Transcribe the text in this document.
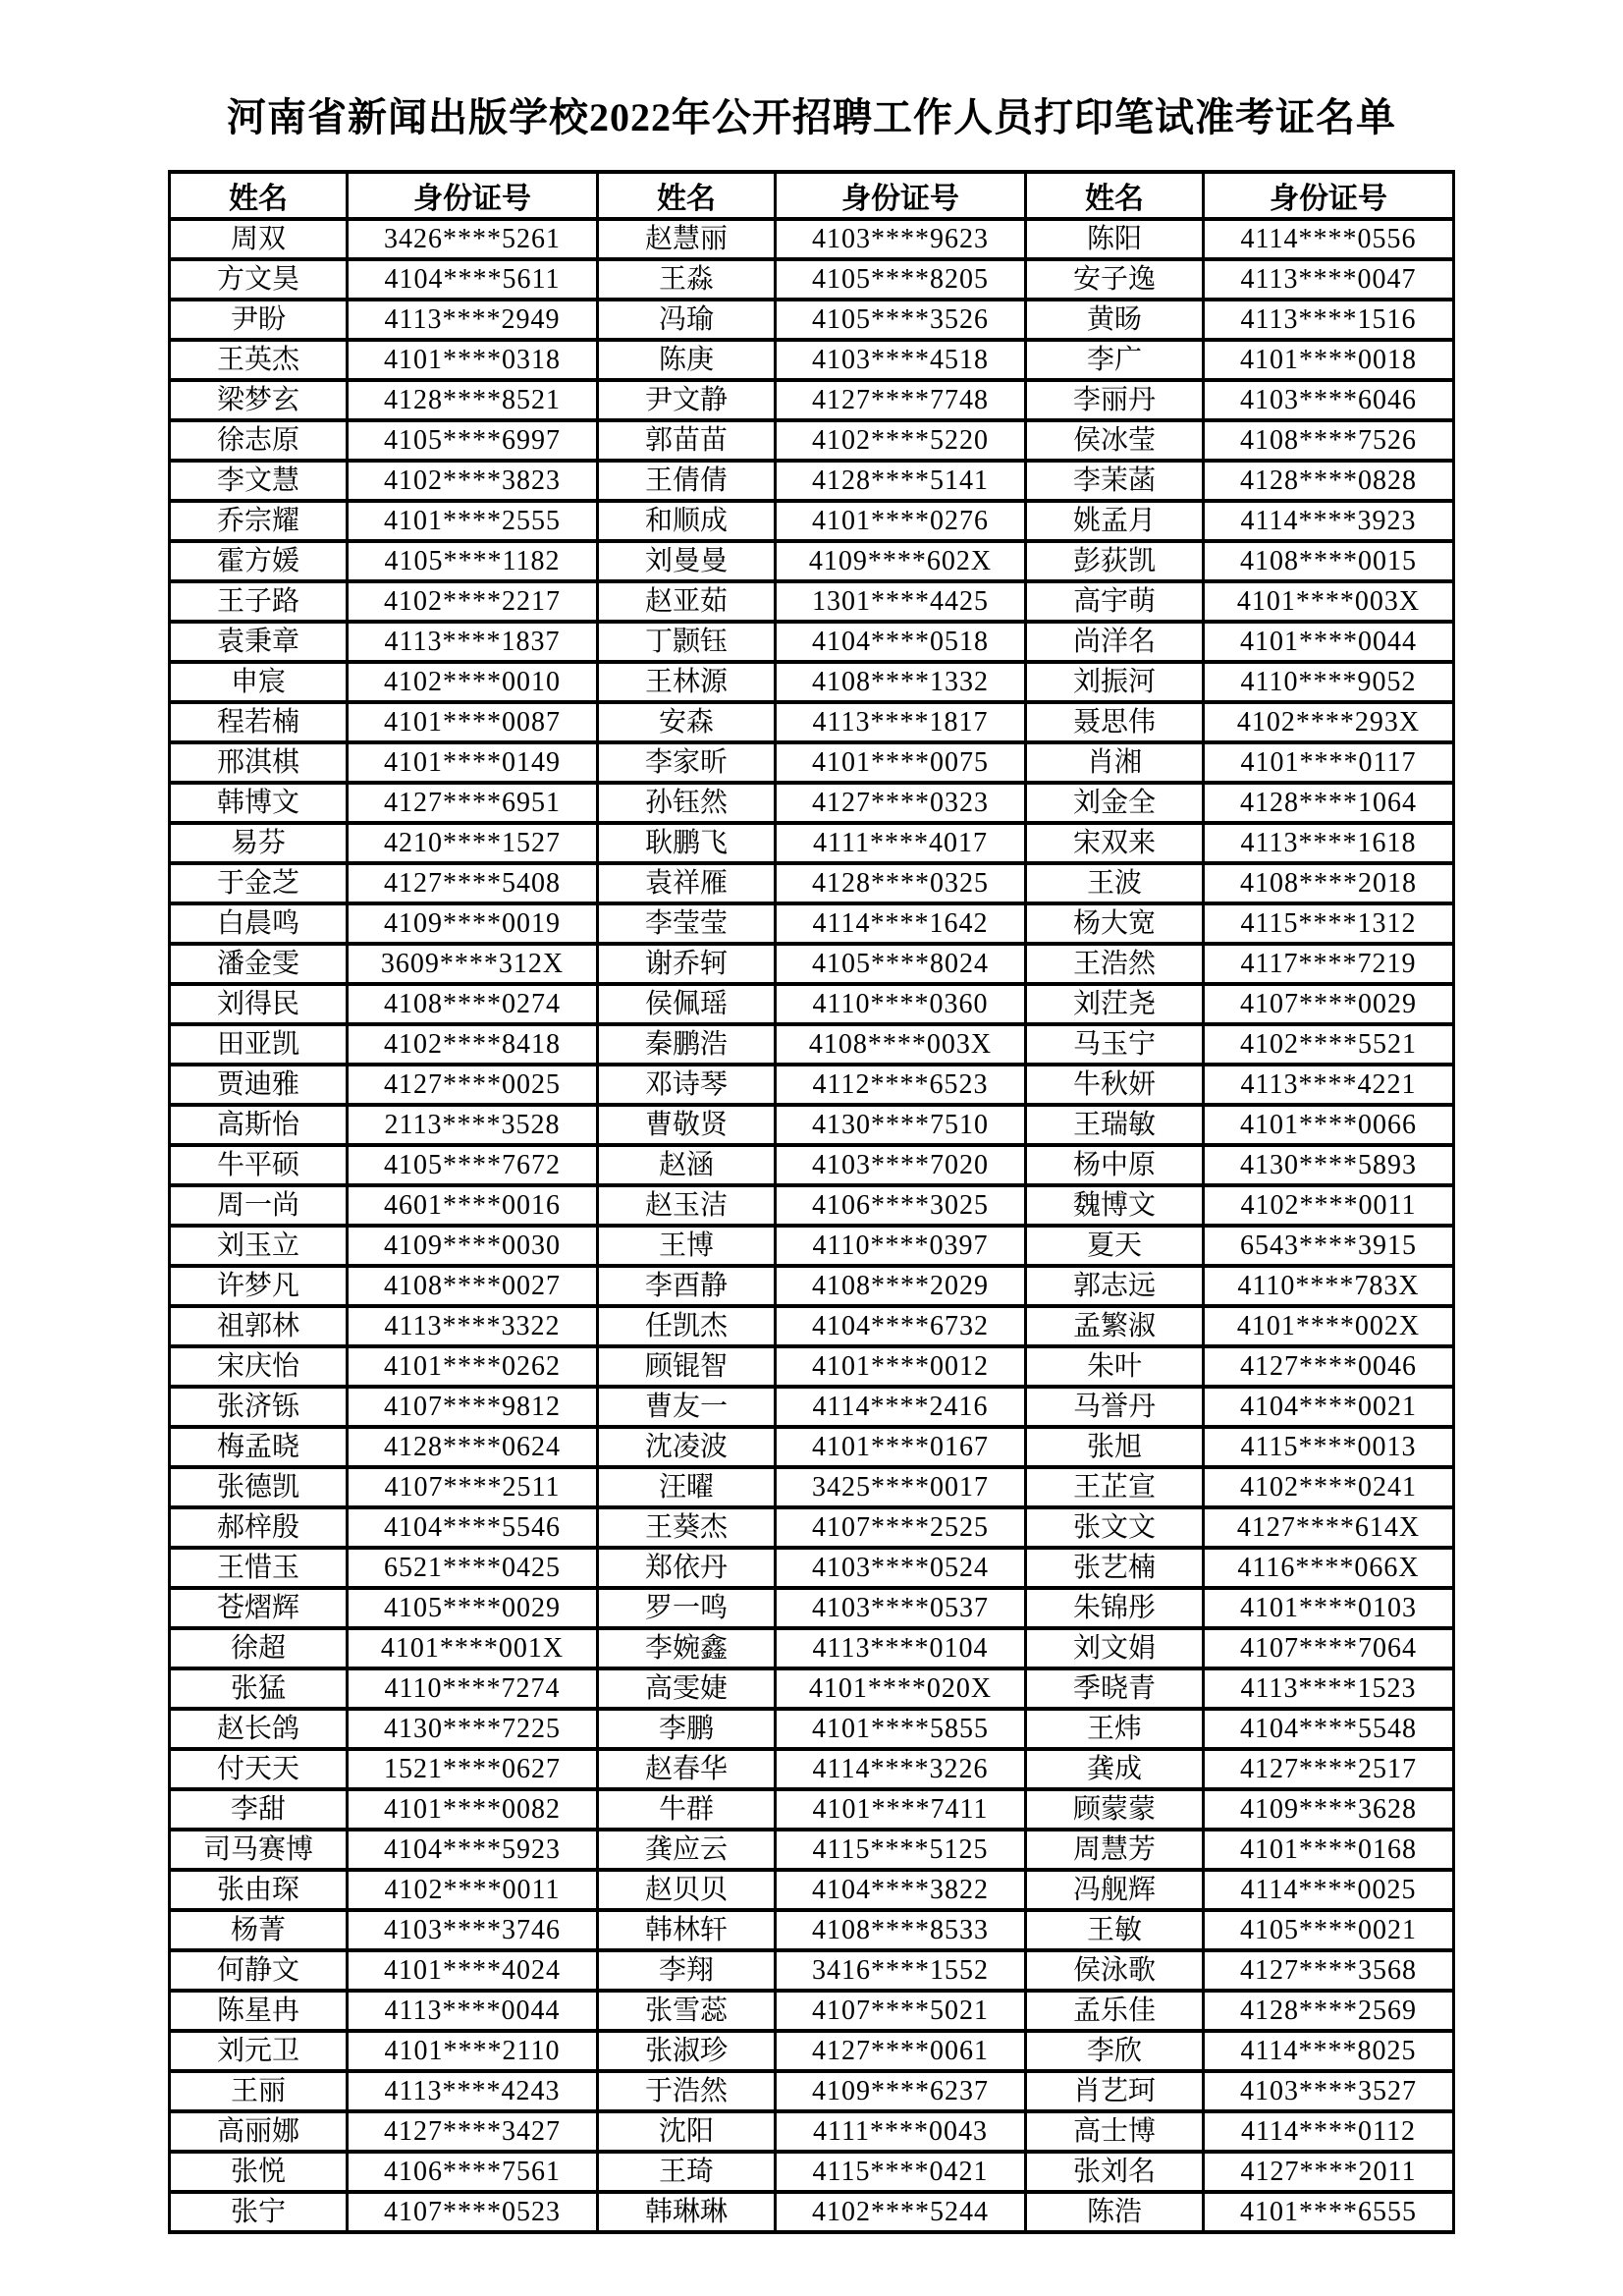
河南省新闻出版学校2022年公开招聘工作人员打印笔试准考证名单
姓名	身份证号	姓名	身份证号	姓名	身份证号
周双	3426****5261	赵慧丽	4103****9623	陈阳	4114****0556
方文昊	4104****5611	王淼	4105****8205	安子逸	4113****0047
尹盼	4113****2949	冯瑜	4105****3526	黄旸	4113****1516
王英杰	4101****0318	陈庚	4103****4518	李广	4101****0018
梁梦玄	4128****8521	尹文静	4127****7748	李丽丹	4103****6046
徐志原	4105****6997	郭苗苗	4102****5220	侯冰莹	4108****7526
李文慧	4102****3823	王倩倩	4128****5141	李茉菡	4128****0828
乔宗耀	4101****2555	和顺成	4101****0276	姚孟月	4114****3923
霍方媛	4105****1182	刘曼曼	4109****602X	彭荻凯	4108****0015
王子路	4102****2217	赵亚茹	1301****4425	高宇萌	4101****003X
袁秉章	4113****1837	丁颢钰	4104****0518	尚洋名	4101****0044
申宸	4102****0010	王林源	4108****1332	刘振河	4110****9052
程若楠	4101****0087	安森	4113****1817	聂思伟	4102****293X
邢淇棋	4101****0149	李家昕	4101****0075	肖湘	4101****0117
韩博文	4127****6951	孙钰然	4127****0323	刘金全	4128****1064
易芬	4210****1527	耿鹏飞	4111****4017	宋双来	4113****1618
于金芝	4127****5408	袁祥雁	4128****0325	王波	4108****2018
白晨鸣	4109****0019	李莹莹	4114****1642	杨大宽	4115****1312
潘金雯	3609****312X	谢乔轲	4105****8024	王浩然	4117****7219
刘得民	4108****0274	侯佩瑶	4110****0360	刘茳尧	4107****0029
田亚凯	4102****8418	秦鹏浩	4108****003X	马玉宁	4102****5521
贾迪雅	4127****0025	邓诗琴	4112****6523	牛秋妍	4113****4221
高斯怡	2113****3528	曹敬贤	4130****7510	王瑞敏	4101****0066
牛平硕	4105****7672	赵涵	4103****7020	杨中原	4130****5893
周一尚	4601****0016	赵玉洁	4106****3025	魏博文	4102****0011
刘玉立	4109****0030	王博	4110****0397	夏天	6543****3915
许梦凡	4108****0027	李酉静	4108****2029	郭志远	4110****783X
祖郭林	4113****3322	任凯杰	4104****6732	孟繁淑	4101****002X
宋庆怡	4101****0262	顾锟智	4101****0012	朱叶	4127****0046
张济铄	4107****9812	曹友一	4114****2416	马誉丹	4104****0021
梅孟晓	4128****0624	沈凌波	4101****0167	张旭	4115****0013
张德凯	4107****2511	汪曜	3425****0017	王芷宣	4102****0241
郝梓殷	4104****5546	王葵杰	4107****2525	张文文	4127****614X
王惜玉	6521****0425	郑依丹	4103****0524	张艺楠	4116****066X
苍熠辉	4105****0029	罗一鸣	4103****0537	朱锦彤	4101****0103
徐超	4101****001X	李婉鑫	4113****0104	刘文娟	4107****7064
张猛	4110****7274	高雯婕	4101****020X	季晓青	4113****1523
赵长鸽	4130****7225	李鹏	4101****5855	王炜	4104****5548
付天天	1521****0627	赵春华	4114****3226	龚成	4127****2517
李甜	4101****0082	牛群	4101****7411	顾蒙蒙	4109****3628
司马赛博	4104****5923	龚应云	4115****5125	周慧芳	4101****0168
张由琛	4102****0011	赵贝贝	4104****3822	冯舰辉	4114****0025
杨菁	4103****3746	韩林轩	4108****8533	王敏	4105****0021
何静文	4101****4024	李翔	3416****1552	侯泳歌	4127****3568
陈星冉	4113****0044	张雪蕊	4107****5021	孟乐佳	4128****2569
刘元卫	4101****2110	张淑珍	4127****0061	李欣	4114****8025
王丽	4113****4243	于浩然	4109****6237	肖艺珂	4103****3527
高丽娜	4127****3427	沈阳	4111****0043	高士博	4114****0112
张悦	4106****7561	王琦	4115****0421	张刘名	4127****2011
张宁	4107****0523	韩琳琳	4102****5244	陈浩	4101****6555
